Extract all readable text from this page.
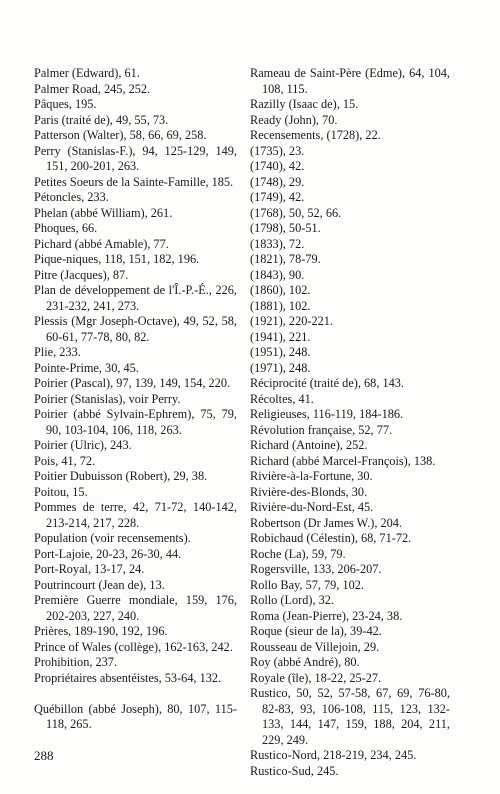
Palmer (Edward), 61.
Palmer Road, 245, 252.
Pâques, 195.
Paris (traité de), 49, 55, 73.
Patterson (Walter), 58, 66, 69, 258.
Perry (Stanislas-F.), 94, 125-129, 149, 151, 200-201, 263.
Petites Soeurs de la Sainte-Famille, 185.
Pétoncles, 233.
Phelan (abbé William), 261.
Phoques, 66.
Pichard (abbé Amable), 77.
Pique-niques, 118, 151, 182, 196.
Pitre (Jacques), 87.
Plan de développement de l'Î.-P.-É., 226, 231-232, 241, 273.
Plessis (Mgr Joseph-Octave), 49, 52, 58, 60-61, 77-78, 80, 82.
Plie, 233.
Pointe-Prime, 30, 45.
Poirier (Pascal), 97, 139, 149, 154, 220.
Poirier (Stanislas), voir Perry.
Poirier (abbé Sylvain-Ephrem), 75, 79, 90, 103-104, 106, 118, 263.
Poirier (Ulric), 243.
Pois, 41, 72.
Poitier Dubuisson (Robert), 29, 38.
Poitou, 15.
Pommes de terre, 42, 71-72, 140-142, 213-214, 217, 228.
Population (voir recensements).
Port-Lajoie, 20-23, 26-30, 44.
Port-Royal, 13-17, 24.
Poutrincourt (Jean de), 13.
Première Guerre mondiale, 159, 176, 202-203, 227, 240.
Prières, 189-190, 192, 196.
Prince of Wales (collège), 162-163, 242.
Prohibition, 237.
Propriétaires absentéistes, 53-64, 132.
Québillon (abbé Joseph), 80, 107, 115-118, 265.
Rameau de Saint-Père (Edme), 64, 104, 108, 115.
Razilly (Isaac de), 15.
Ready (John), 70.
Recensements, (1728), 22.
(1735), 23.
(1740), 42.
(1748), 29.
(1749), 42.
(1768), 50, 52, 66.
(1798), 50-51.
(1833), 72.
(1821), 78-79.
(1843), 90.
(1860), 102.
(1881), 102.
(1921), 220-221.
(1941), 221.
(1951), 248.
(1971), 248.
Réciprocité (traité de), 68, 143.
Récoltes, 41.
Religieuses, 116-119, 184-186.
Révolution française, 52, 77.
Richard (Antoine), 252.
Richard (abbé Marcel-François), 138.
Rivière-à-la-Fortune, 30.
Rivière-des-Blonds, 30.
Rivière-du-Nord-Est, 45.
Robertson (Dr James W.), 204.
Robichaud (Célestin), 68, 71-72.
Roche (La), 59, 79.
Rogersville, 133, 206-207.
Rollo Bay, 57, 79, 102.
Rollo (Lord), 32.
Roma (Jean-Pierre), 23-24, 38.
Roque (sieur de la), 39-42.
Rousseau de Villejoin, 29.
Roy (abbé André), 80.
Royale (île), 18-22, 25-27.
Rustico, 50, 52, 57-58, 67, 69, 76-80, 82-83, 93, 106-108, 115, 123, 132-133, 144, 147, 159, 188, 204, 211, 229, 249.
Rustico-Nord, 218-219, 234, 245.
Rustico-Sud, 245.
288
